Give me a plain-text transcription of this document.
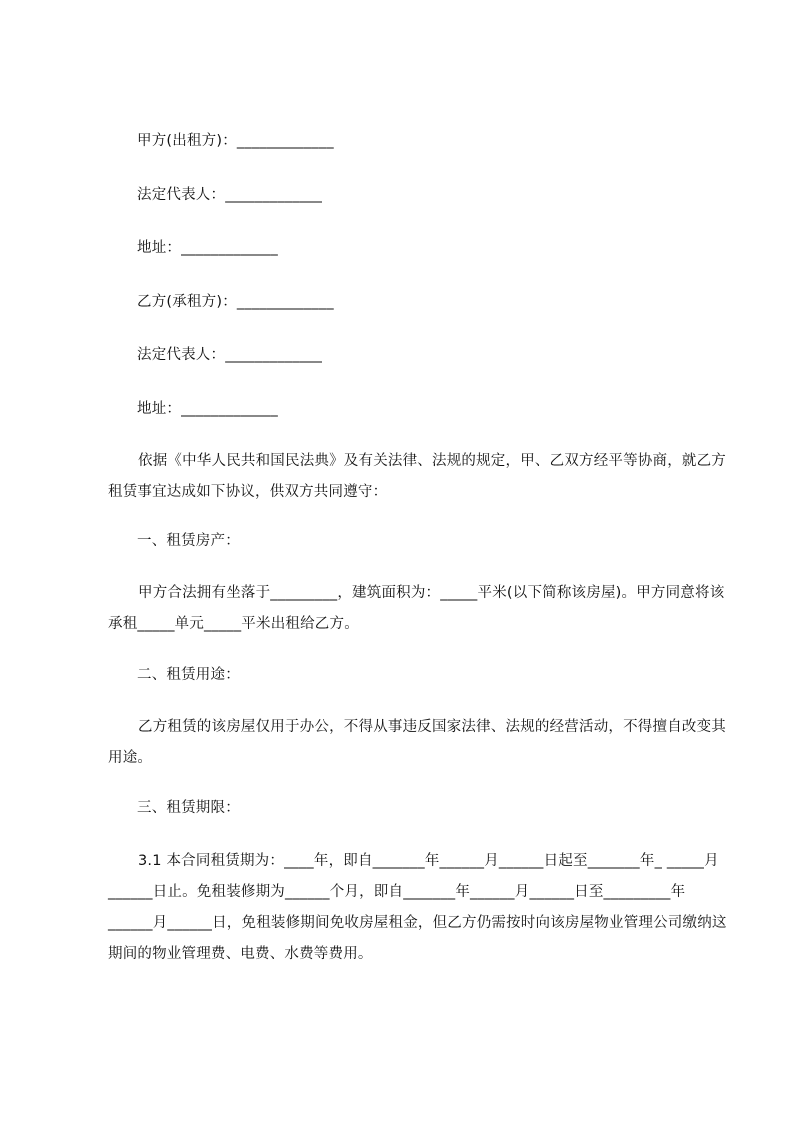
甲方(出租方)：_____________
法定代表人：_____________
地址：_____________
乙方(承租方)：_____________
法定代表人：_____________
地址：_____________
依据《中华人民共和国民法典》及有关法律、法规的规定，甲、乙双方经平等协商，就乙方租赁事宜达成如下协议，供双方共同遵守：
一、租赁房产：
甲方合法拥有坐落于_________，建筑面积为：_____平米(以下简称该房屋)。甲方同意将该承租_____单元_____平米出租给乙方。
二、租赁用途：
乙方租赁的该房屋仅用于办公，不得从事违反国家法律、法规的经营活动，不得擅自改变其用途。
三、租赁期限：
3.1 本合同租赁期为：____年，即自_______年______月______日起至_______年_ _____月______日止。免租装修期为______个月，即自_______年______月______日至_________年______月______日，免租装修期间免收房屋租金，但乙方仍需按时向该房屋物业管理公司缴纳这期间的物业管理费、电费、水费等费用。
